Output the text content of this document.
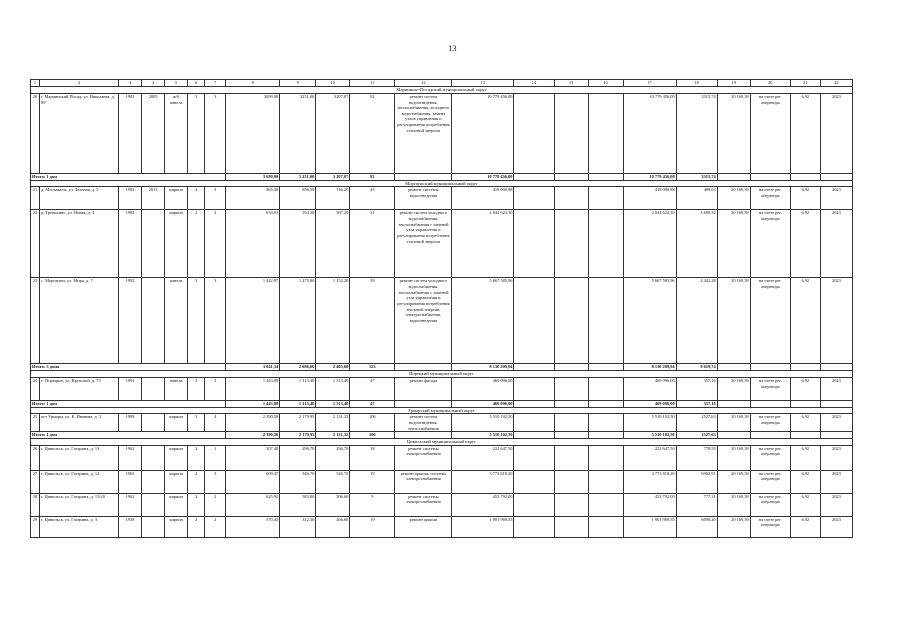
13
1	2	3	4	5	6	7	8	9	10	11	12	13	14	15	16	17	18	19	20	21	22
Мариинско-Посадский муниципальный округ																					
20	г. Мариинский Посад, ул. Николаева, д. 89	1981	2005	ж/б панель	3	3	3699,00	3251,00	3207,07	92	ремонт систем водоотведения, теплоснабжения, холодного водоснабжения, замена узлов управления и регулирования потребления тепловой энергии	10 779 456,00				10 779 456,00	3315,74	20 169,39	на счете рег. оператора	6,92	2023
Итого: 1 дом							3 699,00	3 251,00	3 207,07	92		10 779 456,00				10 779 456,00	3315,74				
Моргаушский муниципальный округ																					
21	д. Москакасы, ул. Зеленая, д. 5	1982	2013	кирпич	2	3	965,36	856,50	746,20	43	ремонт системы водоотведения	418 000,88				418 000,88	488,03	20 169,39	на счете рег. оператора	6,92	2023
22	д. Тренькино, ул. Новая, д. 4	1982		кирпич	2	2	633,01	554,30	507,20	21	ремонт систем холодного водоснабжения, теплоснабжения с заменой узла управления и регулирования потребления тепловой энергии	2 044 623,10				2 044 623,10	3 698,32	20 169,39	на счете рег. оператора	6,92	2023
23	с. Моргауши, ул. Мира, д. 7	1992		панель	3	3	1 442,97	1 275,80	1 152,20	59	ремонт систем холодного водоснабжения, теплоснабжения с заменой узла управления и регулирования потребления тепловой энергии, электроснабжения, водоотведения	5 667 585,96				5 667 585,96	4 442,38	20 169,39	на счете рег. оператора	6,92	2023
Итого: 3 дома							3 041,34	2 686,60	2 405,60	123		8 130 209,94				8 130 209,94	8 619,74				
Порецкий муниципальный округ																					
24	с. Порецкое, ул. Крупской, д. 73	1991		панель	3	3	1 443,80	1 313,40	1 313,40	47	ремонт фасада	469 096,00				469 096,00	357,16	20 169,39	на счете рег. оператора	6,92	2023
Итого: 1 дом							1 443,80	1 313,40	1 313,40	47		469 096,00				469 096,00	357,16				
Урмарский муниципальный округ																					
25	пгт Урмары, ул. К. Иванова, д. 3	1989		кирпич	3	4	2 390,50	2 179,95	2 131,32	106	ремонт систем водоотведения, теплоснабжения	5 510 102,50				5 510 102,50	2527,63	20 169,39	на счете рег. оператора	6,92	2023
Итого: 1 дом							2 390,50	2 179,95	2 131,32	106		5 510 102,50				5 510 102,50	2527,63				
Цивильский муниципальный округ																					
26	г. Цивильск, ул. Гагарина, д. 13	1962		кирпич	2	1	307,40	296,70	296,70	18	ремонт системы электроснабжения	222 647,50				222 647,50	778,59	20 169,39	на счете рег. оператора	6,92	2023
27	г. Цивильск, ул. Гагарина, д. 14	1965		кирпич	2	3	609,47	546,70	546,70	19	ремонт крыши, системы электроснабжения	3 773 818,20				3 773 818,20	6902,91	20 169,39	на счете рег. оператора	6,92	2023
28	г. Цивильск, ул. Гагарина, д. 15/20	1962		кирпич	2	2	625,92	583,80	506,60	9	ремонт системы электроснабжения	453 792,00				453 792,00	777,31	20 169,39	на счете рег. оператора	6,92	2023
29	г. Цивильск, ул. Гагарина, д. 3	1958		кирпич	2	2	570,43	312,30	266,60	19	ремонт крыши	1 901 969,55				1 901 969,55	6090,20	20 169,39	на счете рег. оператора	6,92	2023
